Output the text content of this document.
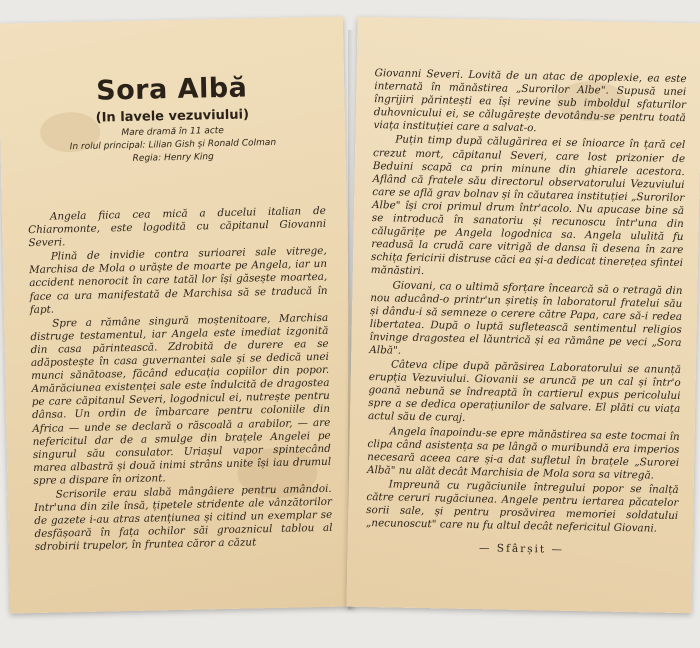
Sora Albă
(In lavele vezuviului)
Mare dramă în 11 acte
In rolul principal: Lilian Gish și Ronald Colman
Regia: Henry King

Angela fiica cea mică a ducelui italian de Chiaromonte, este logodită cu căpitanul Giovanni Severi.

Plină de invidie contra surioarei sale vitrege, Marchisa de Mola o urăște de moarte pe Angela, iar un accident nenorocit în care tatăl lor își găsește moartea, face ca ura manifestată de Marchisa să se traducă în fapt.

Spre a rămâne singură moștenitoare, Marchisa distruge testamentul, iar Angela este imediat izgonită din casa părintească. Zdrobită de durere ea se adăpostește în casa guvernantei sale și se dedică unei munci sănătoase, făcând educația copiilor din popor. Amărăciunea existenței sale este îndulcită de dragostea pe care căpitanul Severi, logodnicul ei, nutrește pentru dânsa. Un ordin de îmbarcare pentru coloniile din Africa — unde se declară o răscoală a arabilor, — are nefericitul dar de a smulge din brațele Angelei pe singurul său consulator. Uriașul vapor spintecând marea albastră și două inimi strâns unite își iau drumul spre a dispare în orizont.

Scrisorile erau slabă mângâiere pentru amândoi. Intr'una din zile însă, țipetele stridente ale vânzătorilor de gazete i-au atras atențiunea și citind un exemplar se desfășoară în fața ochilor săi groaznicul tablou al sdrobirii trupelor, în fruntea căror a căzut

Giovanni Severi. Lovită de un atac de apoplexie, ea este internată în mănăstirea „Surorilor Albe". Supusă unei îngrijiri părintești ea își revine sub imboldul sfaturilor duhovnicului ei, se călugărește devotându-se pentru toată viața instituției care a salvat-o.

Puțin timp după călugărirea ei se înioarce în țară cel crezut mort, căpitanul Severi, care lost prizonier de Beduini scapă ca prin minune din ghiarele acestora. Aflând că fratele său directorul observatorului Vezuviului care se află grav bolnav și în căutarea instituției „Surorilor Albe" își croi primul drum într'acolo. Nu apucase bine să se introducă în sanatoriu și recunoscu într'una din călugărițe pe Angela logodnica sa. Angela ululită fu readusă la crudă care vitrigă de dansa îi desena în zare schița fericirii distruse căci ea și-a dedicat tinerețea sfintei mănăstiri.

Giovani, ca o ultimă sforțare încearcă să o retragă din nou aducând-o printr'un șiretiș în laboratorul fratelui său și dându-i să semneze o cerere către Papa, care să-i redea libertatea. După o luptă sufletească sentimentul religios învinge dragostea el lăuntrică și ea rămâne pe veci „Sora Albă".

Câteva clipe după părăsirea Laboratorului se anunță erupția Vezuviului. Giovanii se aruncă pe un cal și într'o goană nebună se îndreaptă în cartierul expus pericolului spre a se dedica operațiunilor de salvare. El plăti cu viața actul său de curaj.

Angela înapoindu-se epre mănăstirea sa este tocmai în clipa când asistența sa pe lângă o muribundă era imperios necesară aceea care și-a dat sufletul în brațele „Surorei Albă" nu alăt decât Marchisia de Mola sora sa vitregă.

Impreună cu rugăciunile întregului popor se înalță către ceruri rugăciunea. Angele pentru iertarea păcatelor sorii sale, și pentru prosăvirea memoriei soldatului „necunoscut" care nu fu altul decât nefericitul Giovani.

— Sfârșit —
